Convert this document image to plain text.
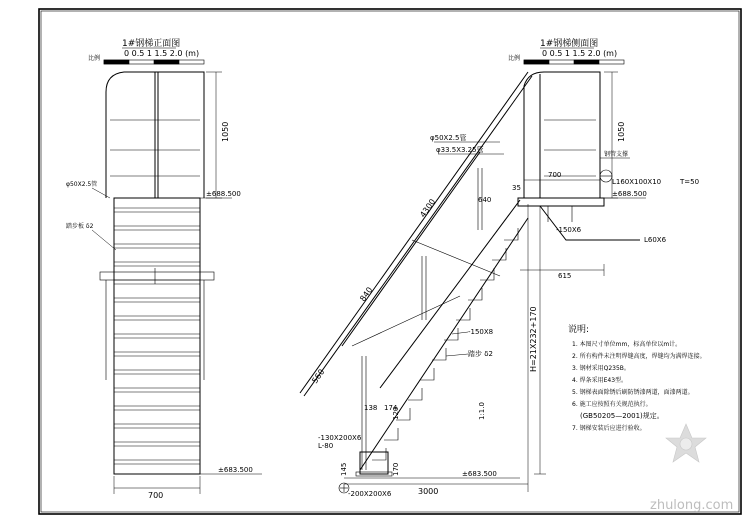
1#钢梯正面图
比例
0 0.5 1 1.5 2.0 (m)
φ50X2.5管
踏步板 δ2
1050
±688.500
±683.500
700
1#钢梯侧面图
比例
0 0.5 1 1.5 2.0 (m)
φ50X2.5管
φ33.5X3.25管
1050
钢管支撑
700
35
640
L160X100X10	T=50
±688.500
-150X6
L60X6
615
4300
840
560
-150X8
踏步 δ2
138 174
120	1:1.0
-130X200X6
L-80
145	170
-200X200X6
±683.500
3000
H=21X232+170	说明:
1. 本图尺寸单位mm，标高单位以m计。
2. 所有构件未注明焊缝高度，焊缝均为满焊连接。
3. 钢材采用Q235B。
4. 焊条采用E43型。
5. 钢梯表面除锈后刷防锈漆两道，面漆两道。
6. 施工应按照有关规范执行。
(GB50205—2001)规定。
7. 钢梯安装后应进行验收。
zhulong.com
